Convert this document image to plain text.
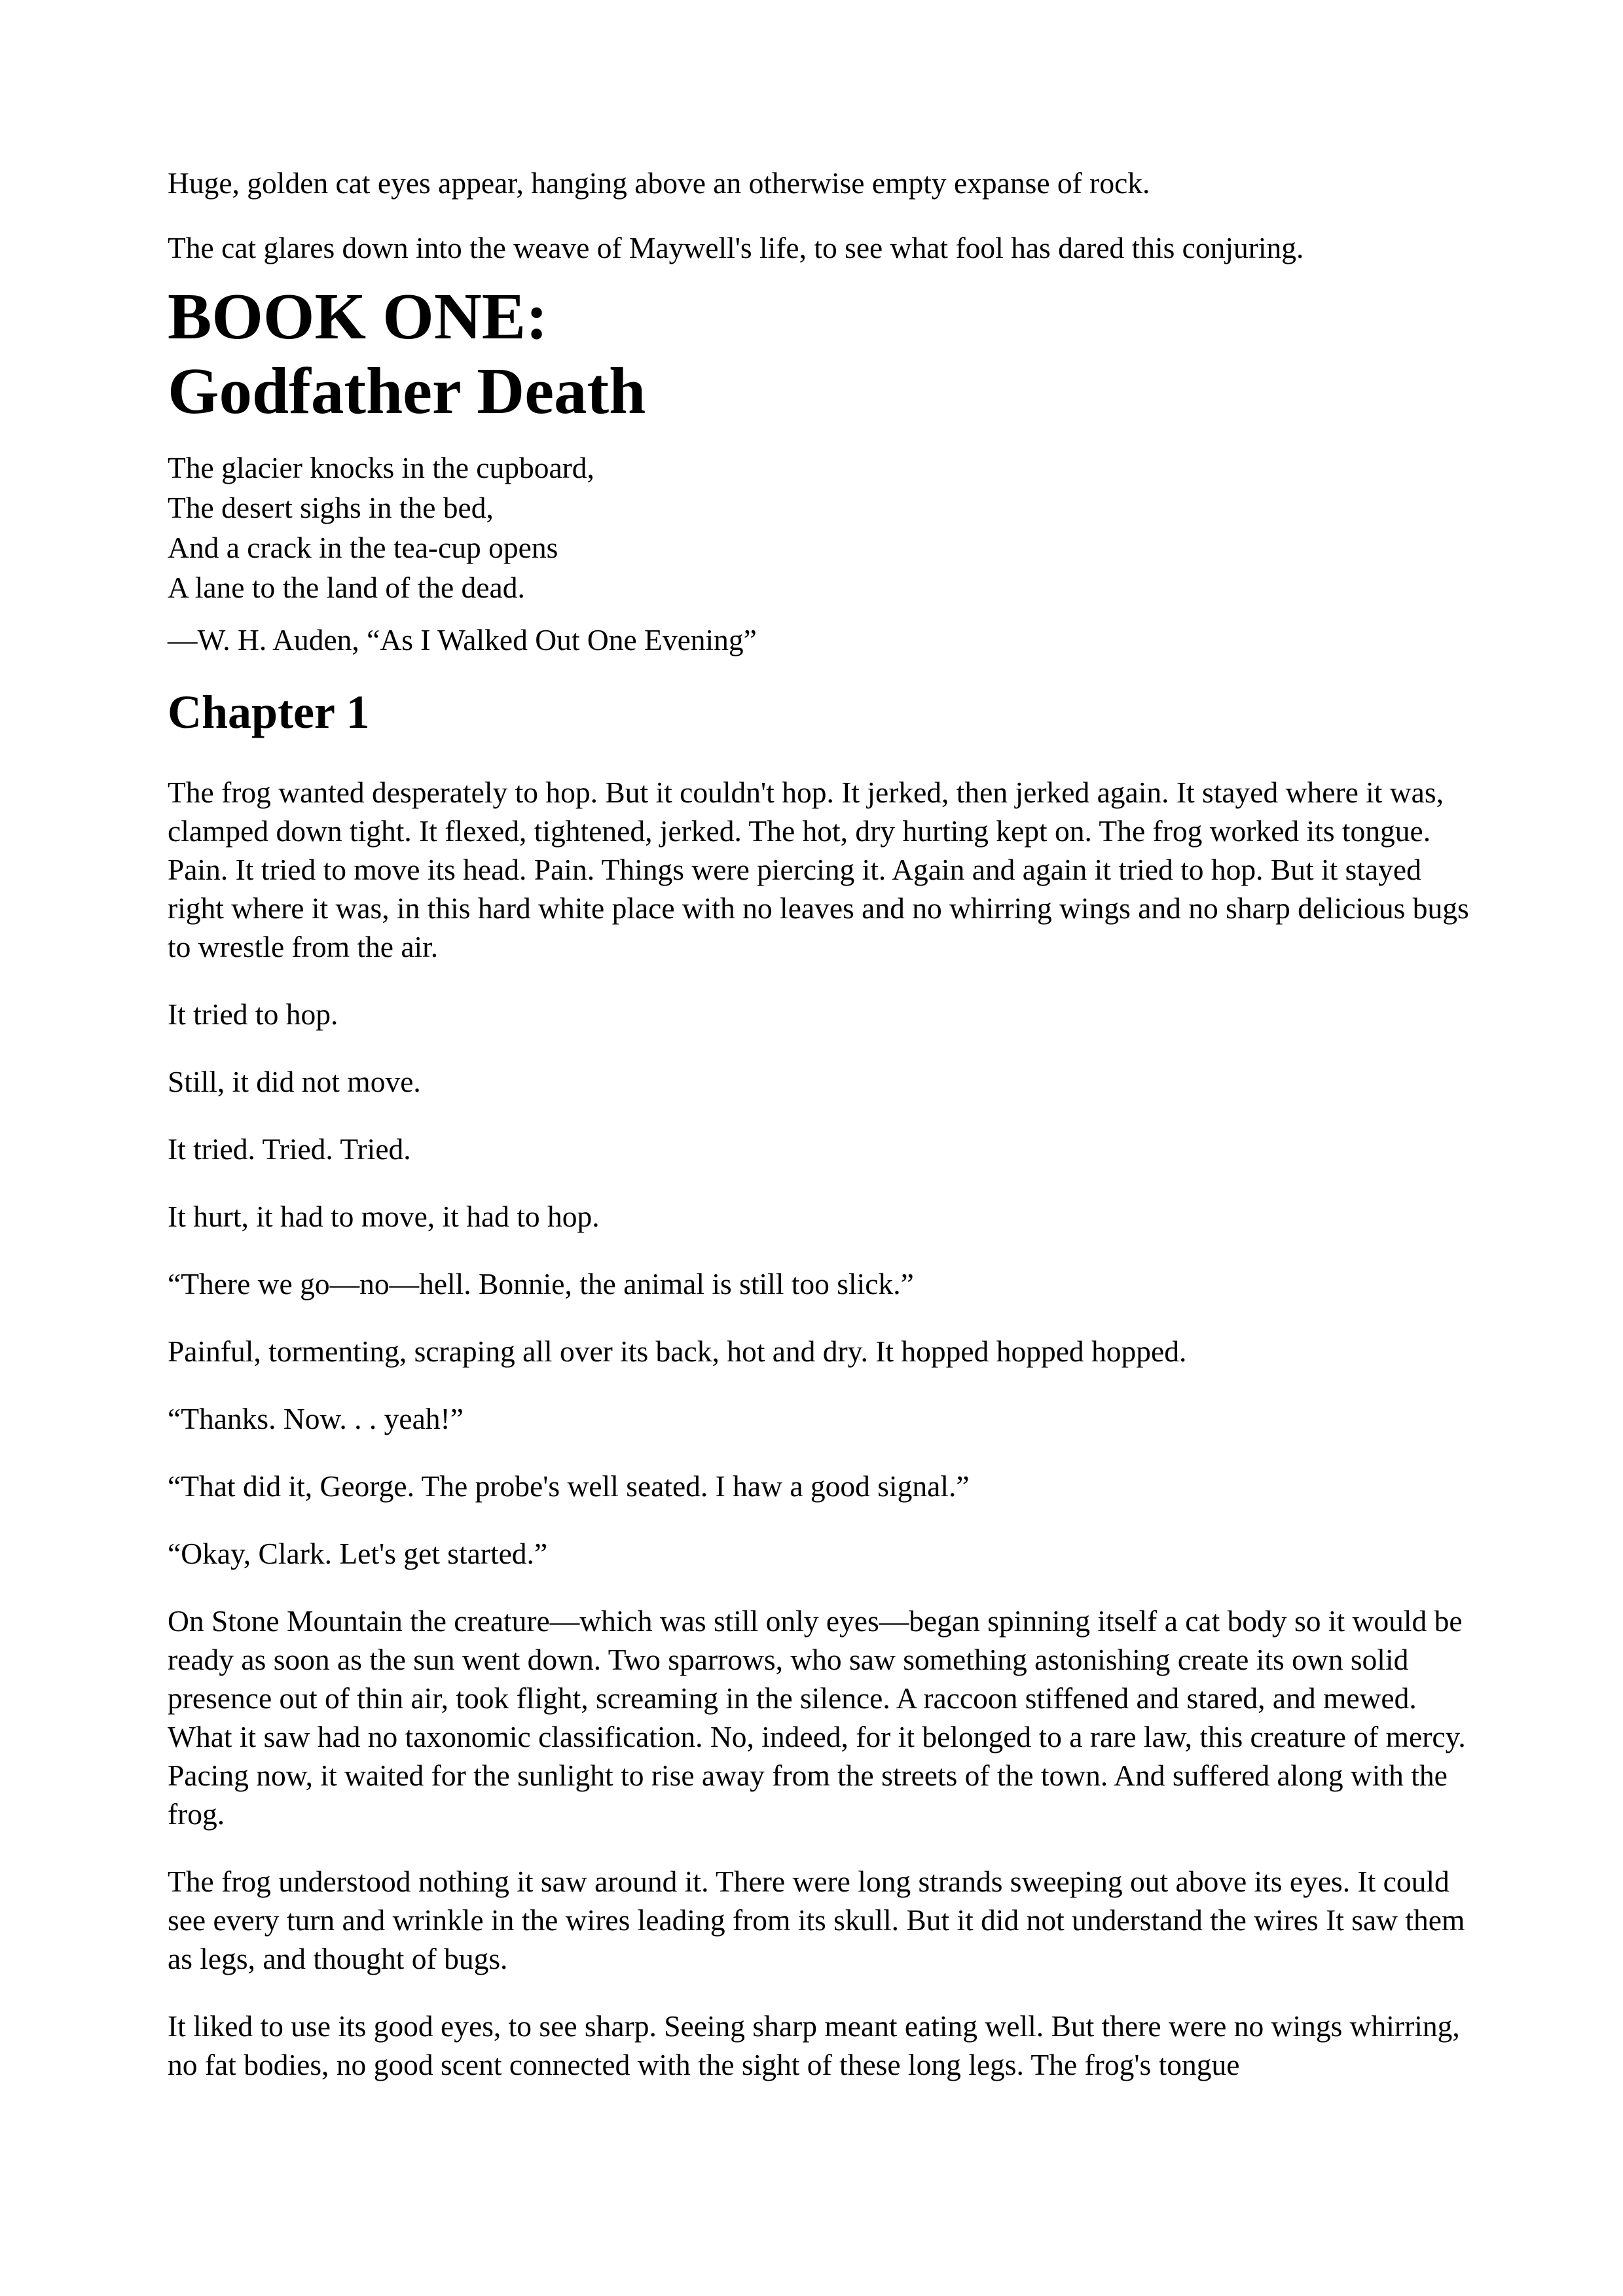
Huge, golden cat eyes appear, hanging above an otherwise empty expanse of rock.

The cat glares down into the weave of Maywell's life, to see what fool has dared this conjuring.

BOOK ONE:
Godfather Death
The glacier knocks in the cupboard,
The desert sighs in the bed,
And a crack in the tea-cup opens
A lane to the land of the dead.

—W. H. Auden, “As I Walked Out One Evening”

Chapter 1

The frog wanted desperately to hop. But it couldn't hop. It jerked, then jerked again. It stayed where it was, clamped down tight. It flexed, tightened, jerked. The hot, dry hurting kept on. The frog worked its tongue. Pain. It tried to move its head. Pain. Things were piercing it. Again and again it tried to hop. But it stayed right where it was, in this hard white place with no leaves and no whirring wings and no sharp delicious bugs to wrestle from the air.

It tried to hop.

Still, it did not move.

It tried. Tried. Tried.

It hurt, it had to move, it had to hop.

“There we go—no—hell. Bonnie, the animal is still too slick.”

Painful, tormenting, scraping all over its back, hot and dry. It hopped hopped hopped.

“Thanks. Now. . . yeah!”

“That did it, George. The probe's well seated. I haw a good signal.”

“Okay, Clark. Let's get started.”

On Stone Mountain the creature—which was still only eyes—began spinning itself a cat body so it would be ready as soon as the sun went down. Two sparrows, who saw something astonishing create its own solid presence out of thin air, took flight, screaming in the silence. A raccoon stiffened and stared, and mewed. What it saw had no taxonomic classification. No, indeed, for it belonged to a rare law, this creature of mercy. Pacing now, it waited for the sunlight to rise away from the streets of the town. And suffered along with the frog.

The frog understood nothing it saw around it. There were long strands sweeping out above its eyes. It could see every turn and wrinkle in the wires leading from its skull. But it did not understand the wires It saw them as legs, and thought of bugs.

It liked to use its good eyes, to see sharp. Seeing sharp meant eating well. But there were no wings whirring, no fat bodies, no good scent connected with the sight of these long legs. The frog's tongue
